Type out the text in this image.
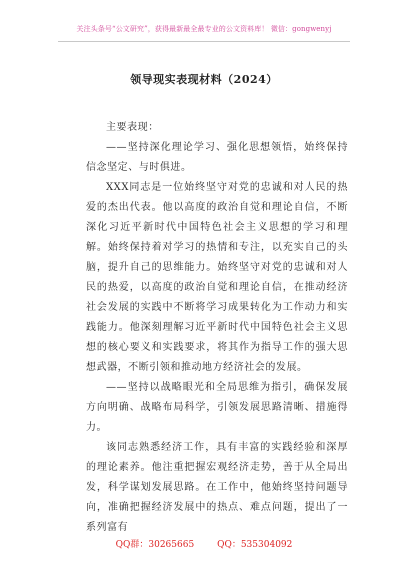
关注头条号“公文研究”，获得最新最全最专业的公文资料库！ 微信：gongwenyj
领导现实表现材料（2024）

主要表现：

——坚持深化理论学习、强化思想领悟，始终保持信念坚定、与时俱进。

XXX同志是一位始终坚守对党的忠诚和对人民的热爱的杰出代表。他以高度的政治自觉和理论自信，不断深化习近平新时代中国特色社会主义思想的学习和理解。始终保持着对学习的热情和专注，以充实自己的头脑，提升自己的思维能力。始终坚守对党的忠诚和对人民的热爱，以高度的政治自觉和理论自信，在推动经济社会发展的实践中不断将学习成果转化为工作动力和实践能力。他深刻理解习近平新时代中国特色社会主义思想的核心要义和实践要求，将其作为指导工作的强大思想武器，不断引领和推动地方经济社会的发展。

——坚持以战略眼光和全局思维为指引，确保发展方向明确、战略布局科学，引领发展思路清晰、措施得力。

该同志熟悉经济工作，具有丰富的实践经验和深厚的理论素养。他注重把握宏观经济走势，善于从全局出发，科学谋划发展思路。在工作中，他始终坚持问题导向，准确把握经济发展中的热点、难点问题，提出了一系列富有

QQ群：30265665	QQ：535304092
